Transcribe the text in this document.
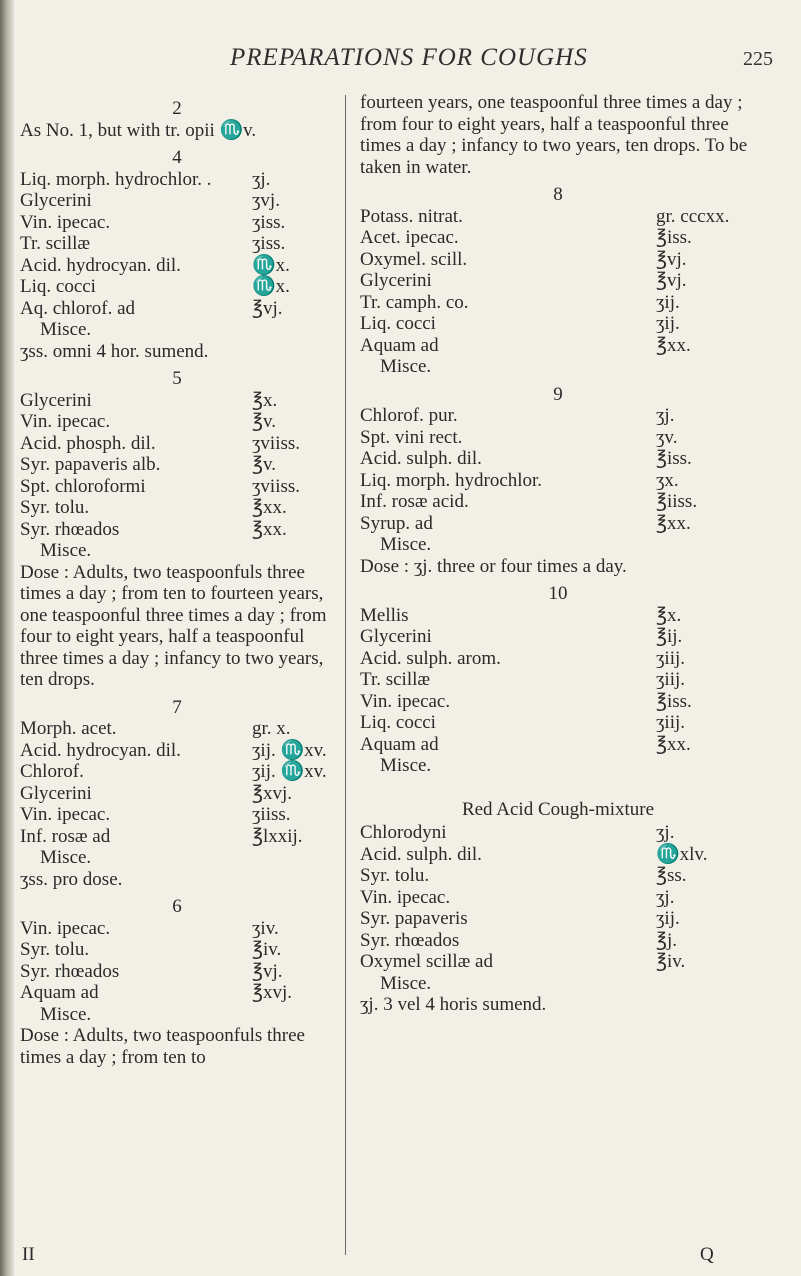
PREPARATIONS FOR COUGHS	225
2

As No. 1, but with tr. opii ♏v.

4
Liq. morph. hydrochlor. .	ʒj.
Glycerini	ʒvj.
Vin. ipecac.	ʒiss.
Tr. scillæ	ʒiss.
Acid. hydrocyan. dil.	♏x.
Liq. cocci	♏x.
Aq. chlorof. ad	℥vj.
Misce.

ʒss. omni 4 hor. sumend.

5
Glycerini	℥x.
Vin. ipecac.	℥v.
Acid. phosph. dil.	ʒviiss.
Syr. papaveris alb.	℥v.
Spt. chloroformi	ʒviiss.
Syr. tolu.	℥xx.
Syr. rhœados	℥xx.
Misce.

Dose : Adults, two teaspoonfuls three times a day ; from ten to fourteen years, one teaspoonful three times a day ; from four to eight years, half a teaspoonful three times a day ; infancy to two years, ten drops.

7
Morph. acet.	gr. x.
Acid. hydrocyan. dil.	ʒij. ♏xv.
Chlorof.	ʒij. ♏xv.
Glycerini	℥xvj.
Vin. ipecac.	ʒiiss.
Inf. rosæ ad	℥lxxij.
Misce.

ʒss. pro dose.

6
Vin. ipecac.	ʒiv.
Syr. tolu.	℥iv.
Syr. rhœados	℥vj.
Aquam ad	℥xvj.
Misce.

Dose : Adults, two teaspoonfuls three times a day ; from ten to

II

fourteen years, one teaspoonful three times a day ; from four to eight years, half a teaspoonful three times a day ; infancy to two years, ten drops. To be taken in water.

8
Potass. nitrat.	gr. cccxx.
Acet. ipecac.	℥iss.
Oxymel. scill.	℥vj.
Glycerini	℥vj.
Tr. camph. co.	ʒij.
Liq. cocci	ʒij.
Aquam ad	℥xx.
Misce.
9
Chlorof. pur.	ʒj.
Spt. vini rect.	ʒv.
Acid. sulph. dil.	℥iss.
Liq. morph. hydrochlor.	ʒx.
Inf. rosæ acid.	℥iiss.
Syrup. ad	℥xx.
Misce.

Dose : ʒj. three or four times a day.

10
Mellis	℥x.
Glycerini	℥ij.
Acid. sulph. arom.	ʒiij.
Tr. scillæ	ʒiij.
Vin. ipecac.	℥iss.
Liq. cocci	ʒiij.
Aquam ad	℥xx.
Misce.
Red Acid Cough-mixture
Chlorodyni	ʒj.
Acid. sulph. dil.	♏xlv.
Syr. tolu.	℥ss.
Vin. ipecac.	ʒj.
Syr. papaveris	ʒij.
Syr. rhœados	℥j.
Oxymel scillæ ad	℥iv.
Misce.

ʒj. 3 vel 4 horis sumend.

Q
